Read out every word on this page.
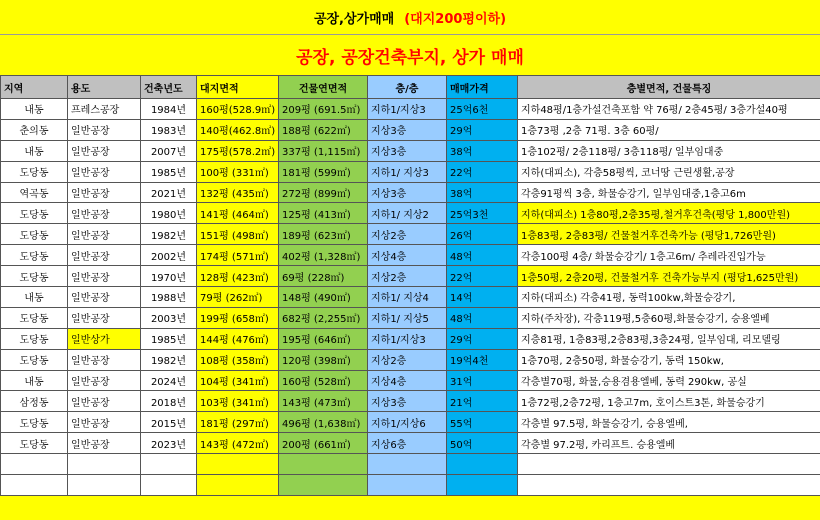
공장,상가매매 (대지200평이하)
공장, 공장건축부지, 상가 매매
지역	용도	건축년도	대지면적	건물연면적	층/층	매매가격	층별면적, 건물특징
내동	프레스공장	1984년	160평(528.9㎡)	209평 (691.5㎡)	지하1/지상3	25억6천	지하48평/1층가설건축포함 약 76평/ 2층45평/ 3층가설40평
춘의동	일반공장	1983년	140평(462.8㎡)	188평 (622㎡)	지상3층	29억	1층73평 ,2층 71평. 3층 60평/
내동	일반공장	2007년	175평(578.2㎡)	337평 (1,115㎡)	지상3층	38억	1층102평/ 2층118평/ 3층118평/ 일부임대중
도당동	일반공장	1985년	100평 (331㎡)	181평 (599㎡)	지하1/ 지상3	22억	지하(대피소), 각층58평씩, 코너땅 근린생활,공장
역곡동	일반공장	2021년	132평 (435㎡)	272평 (899㎡)	지상3층	38억	각층91평씩 3층, 화물승강기, 일부임대중,1층고6m
도당동	일반공장	1980년	141평 (464㎡)	125평 (413㎡)	지하1/ 지상2	25억3천	지하(대피소) 1층80평,2층35평,철거후건축(평당 1,800만원)
도당동	일반공장	1982년	151평 (498㎡)	189평 (623㎡)	지상2층	26억	1층83평, 2층83평/ 건물철거후건축가능 (평당1,726만원)
도당동	일반공장	2002년	174평 (571㎡)	402평 (1,328㎡)	지상4층	48억	각층100평 4층/ 화물승강기/ 1층고6m/ 추레라진입가능
도당동	일반공장	1970년	128평 (423㎡)	69평 (228㎡)	지상2층	22억	1층50평, 2층20평, 건물철거후 건축가능부지 (평당1,625만원)
내동	일반공장	1988년	79평 (262㎡)	148평 (490㎡)	지하1/ 지상4	14억	지하(대피소) 각층41평, 동력100kw,화물승강기,
도당동	일반공장	2003년	199평 (658㎡)	682평 (2,255㎡)	지하1/ 지상5	48억	지하(주차장), 각층119평,5층60평,화물승강기, 승용엘베
도당동	일반상가	1985년	144평 (476㎡)	195평 (646㎡)	지하1/지상3	29억	지층81평, 1층83평,2층83평,3층24평, 일부임대, 리모델링
도당동	일반공장	1982년	108평 (358㎡)	120평 (398㎡)	지상2층	19억4천	1층70평, 2층50평, 화물승강기, 동력 150kw,
내동	일반공장	2024년	104평 (341㎡)	160평 (528㎡)	지상4층	31억	각층별70평, 화물,승용겸용엘베, 동력 290kw, 공실
삼정동	일반공장	2018년	103평 (341㎡)	143평 (473㎡)	지상3층	21억	1층72평,2층72평, 1층고7m, 호이스트3톤, 화물승강기
도당동	일반공장	2015년	181평 (297㎡)	496평 (1,638㎡)	지하1/지상6	55억	각층별 97.5평, 화물승강기, 승용엘베,
도당동	일반공장	2023년	143평 (472㎡)	200평 (661㎡)	지상6층	50억	각층별 97.2평, 카리프트. 승용엘베
